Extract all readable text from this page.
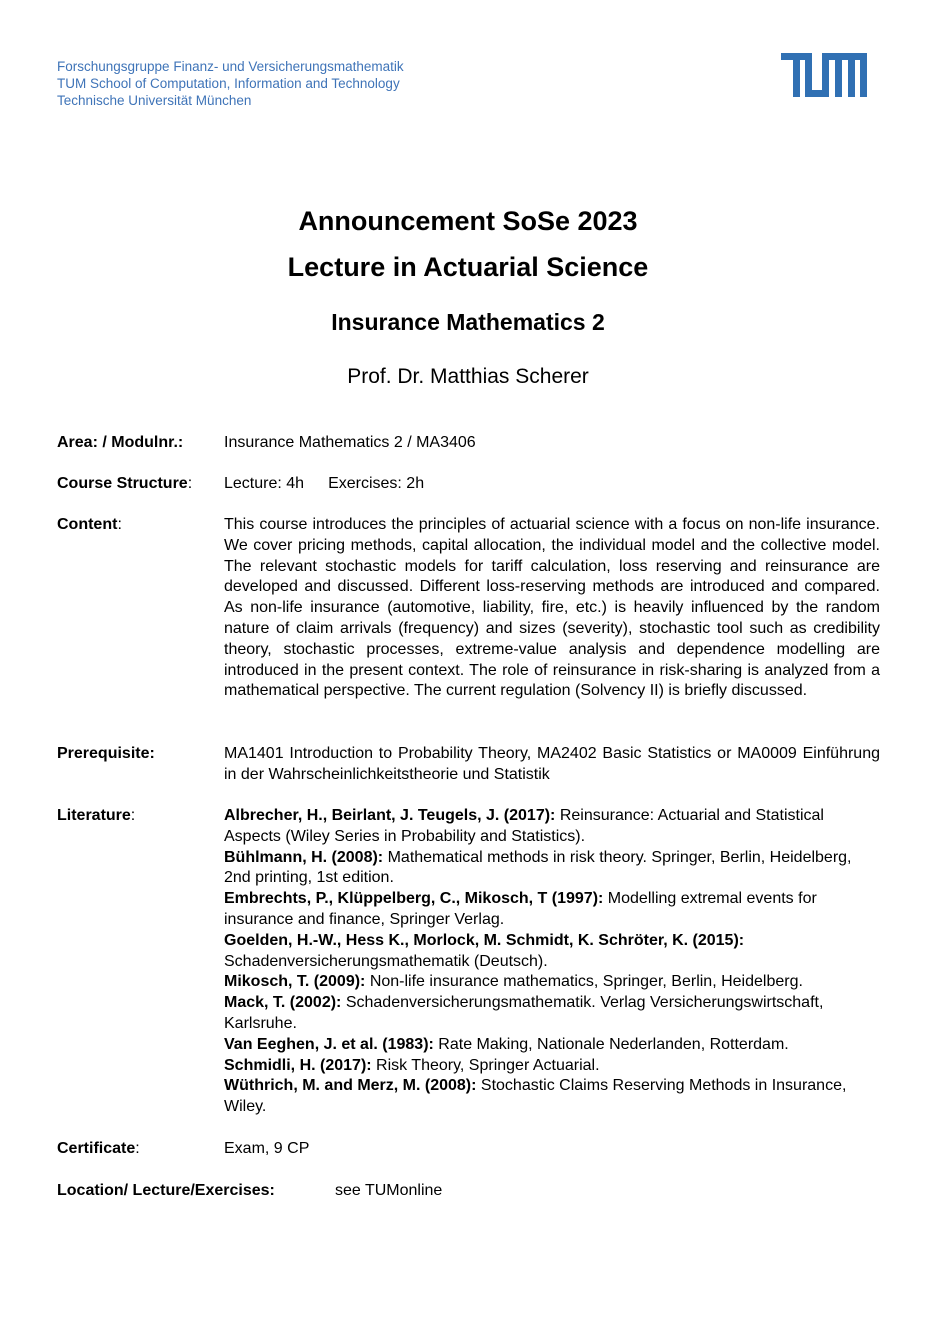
Forschungsgruppe Finanz- und Versicherungsmathematik
TUM School of Computation, Information and Technology
Technische Universität München
Announcement SoSe 2023
Lecture in Actuarial Science
Insurance Mathematics 2
Prof. Dr. Matthias Scherer
Area: / Modulnr.:	Insurance Mathematics 2 / MA3406
Course Structure: Lecture: 4h Exercises: 2h
Content:	This course introduces the principles of actuarial science with a focus on non-life insurance. We cover pricing methods, capital allocation, the individual model and the collective model. The relevant stochastic models for tariff calculation, loss reserving and reinsurance are developed and discussed. Different loss-reserving methods are introduced and compared. As non-life insurance (automotive, liability, fire, etc.) is heavily influenced by the random nature of claim arrivals (frequency) and sizes (severity), stochastic tool such as credibility theory, stochastic processes, extreme-value analysis and dependence modelling are introduced in the present context. The role of reinsurance in risk-sharing is analyzed from a mathematical perspective. The current regulation (Solvency II) is briefly discussed.
Prerequisite:	MA1401 Introduction to Probability Theory, MA2402 Basic Statistics or MA0009 Einführung in der Wahrscheinlichkeitstheorie und Statistik
Literature:	Albrecher, H., Beirlant, J. Teugels, J. (2017): Reinsurance: Actuarial and Statistical Aspects (Wiley Series in Probability and Statistics).
Bühlmann, H. (2008): Mathematical methods in risk theory. Springer, Berlin, Heidelberg, 2nd printing, 1st edition.
Embrechts, P., Klüppelberg, C., Mikosch, T (1997): Modelling extremal events for insurance and finance, Springer Verlag.
Goelden, H.-W., Hess K., Morlock, M. Schmidt, K. Schröter, K. (2015): Schadenversicherungsmathematik (Deutsch).
Mikosch, T. (2009): Non-life insurance mathematics, Springer, Berlin, Heidelberg.
Mack, T. (2002): Schadenversicherungsmathematik. Verlag Versicherungswirtschaft, Karlsruhe.
Van Eeghen, J. et al. (1983): Rate Making, Nationale Nederlanden, Rotterdam.
Schmidli, H. (2017): Risk Theory, Springer Actuarial.
Wüthrich, M. and Merz, M. (2008): Stochastic Claims Reserving Methods in Insurance, Wiley.
Certificate:	Exam, 9 CP
Location/ Lecture/Exercises:	see TUMonline
